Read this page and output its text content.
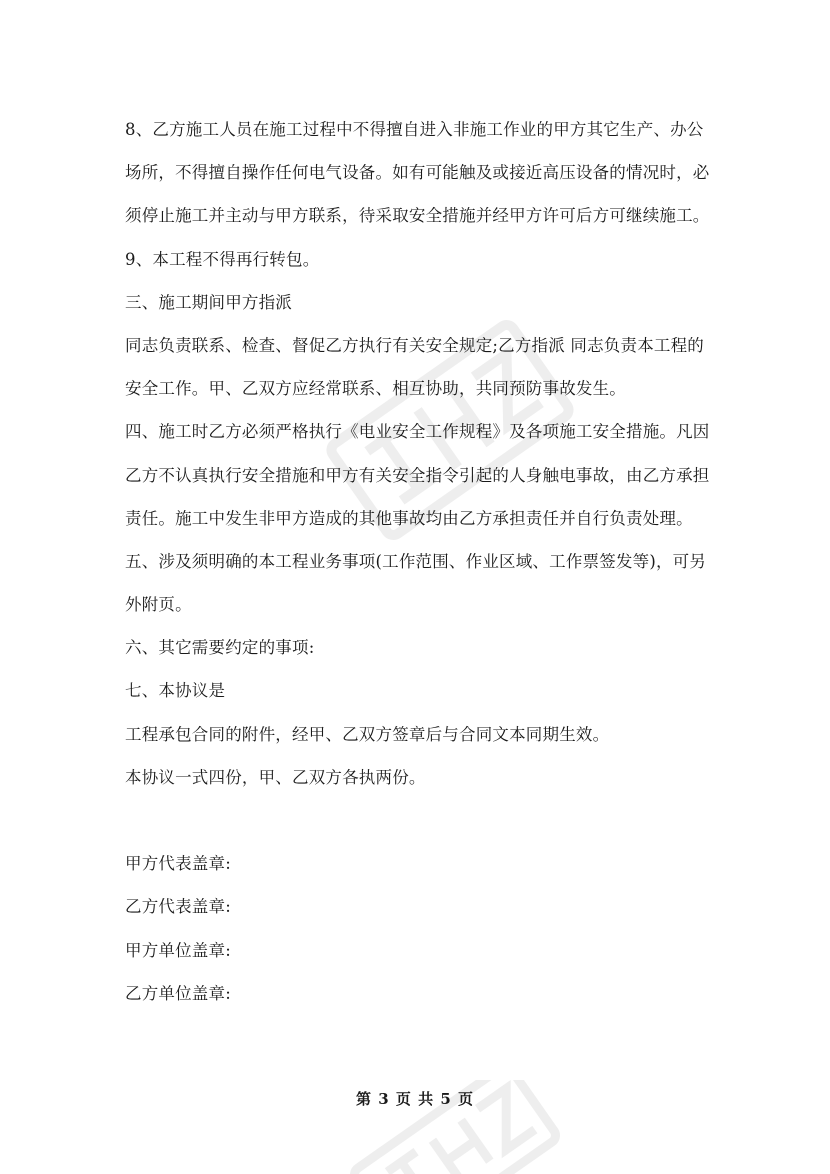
8、乙方施工人员在施工过程中不得擅自进入非施工作业的甲方其它生产、办公
场所，不得擅自操作任何电气设备。如有可能触及或接近高压设备的情况时，必
须停止施工并主动与甲方联系，待采取安全措施并经甲方许可后方可继续施工。
9、本工程不得再行转包。
三、施工期间甲方指派
同志负责联系、检查、督促乙方执行有关安全规定;乙方指派 同志负责本工程的
安全工作。甲、乙双方应经常联系、相互协助，共同预防事故发生。
四、施工时乙方必须严格执行《电业安全工作规程》及各项施工安全措施。凡因
乙方不认真执行安全措施和甲方有关安全指令引起的人身触电事故，由乙方承担
责任。施工中发生非甲方造成的其他事故均由乙方承担责任并自行负责处理。
五、涉及须明确的本工程业务事项(工作范围、作业区域、工作票签发等)，可另
外附页。
六、其它需要约定的事项:
七、本协议是
工程承包合同的附件，经甲、乙双方签章后与合同文本同期生效。
本协议一式四份，甲、乙双方各执两份。
甲方代表盖章:
乙方代表盖章:
甲方单位盖章:
乙方单位盖章:
第 3 页 共 5 页
